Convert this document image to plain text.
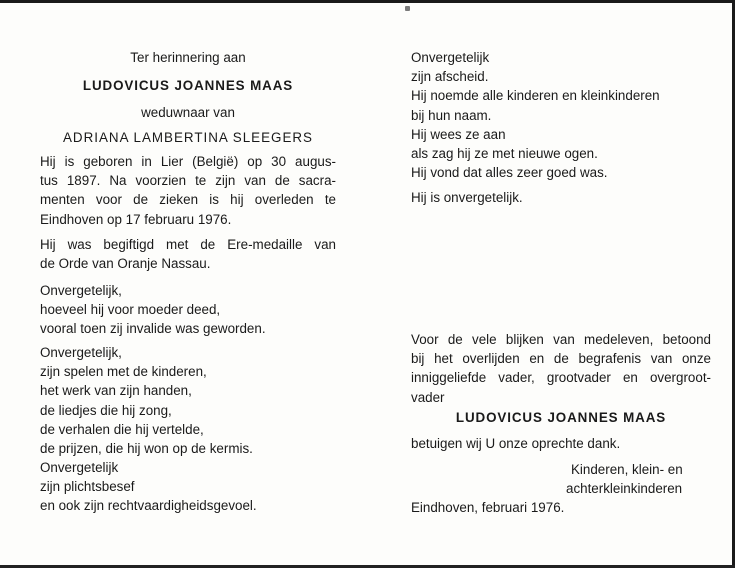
Ter herinnering aan
LUDOVICUS JOANNES MAAS
weduwnaar van
ADRIANA LAMBERTINA SLEEGERS
Hij is geboren in Lier (België) op 30 augus-
tus 1897. Na voorzien te zijn van de sacra-
menten voor de zieken is hij overleden te
Eindhoven op 17 februaru 1976.
Hij was begiftigd met de Ere-medaille van
de Orde van Oranje Nassau.
Onvergetelijk,
hoeveel hij voor moeder deed,
vooral toen zij invalide was geworden.
Onvergetelijk,
zijn spelen met de kinderen,
het werk van zijn handen,
de liedjes die hij zong,
de verhalen die hij vertelde,
de prijzen, die hij won op de kermis.
Onvergetelijk
zijn plichtsbesef
en ook zijn rechtvaardigheidsgevoel.
Onvergetelijk
zijn afscheid.
Hij noemde alle kinderen en kleinkinderen
bij hun naam.
Hij wees ze aan
als zag hij ze met nieuwe ogen.
Hij vond dat alles zeer goed was.
Hij is onvergetelijk.
Voor de vele blijken van medeleven, betoond
bij het overlijden en de begrafenis van onze
inniggeliefde vader, grootvader en overgroot-
vader
LUDOVICUS JOANNES MAAS
betuigen wij U onze oprechte dank.
Kinderen, klein- en
achterkleinkinderen
Eindhoven, februari 1976.
